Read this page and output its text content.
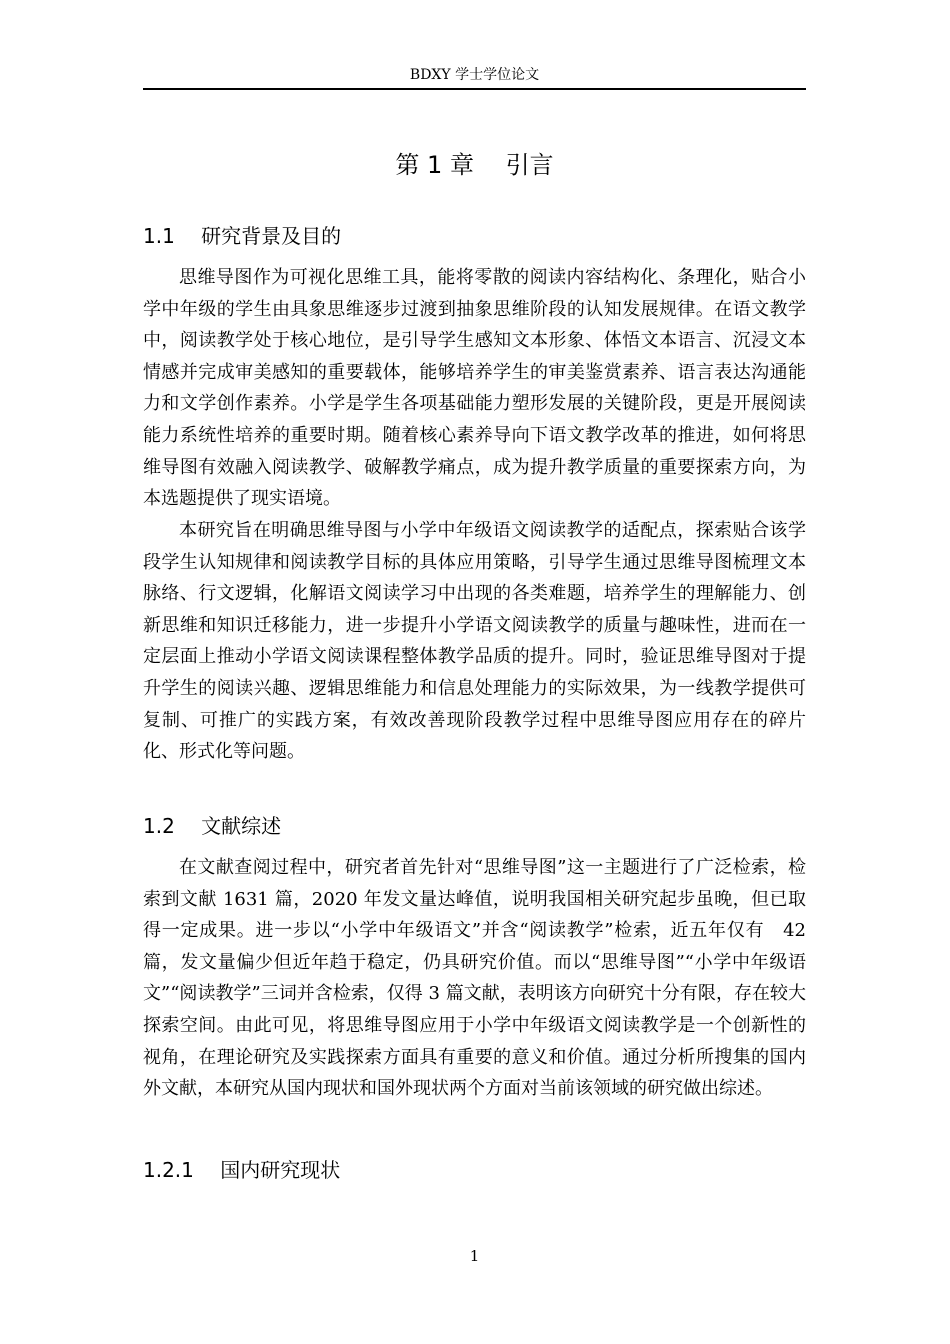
BDXY 学士学位论文
第 1 章　 引言
1.1　 研究背景及目的
思维导图作为可视化思维工具，能将零散的阅读内容结构化、条理化，贴合小学中年级的学生由具象思维逐步过渡到抽象思维阶段的认知发展规律。在语文教学中，阅读教学处于核心地位，是引导学生感知文本形象、体悟文本语言、沉浸文本情感并完成审美感知的重要载体，能够培养学生的审美鉴赏素养、语言表达沟通能力和文学创作素养。小学是学生各项基础能力塑形发展的关键阶段，更是开展阅读能力系统性培养的重要时期。随着核心素养导向下语文教学改革的推进，如何将思维导图有效融入阅读教学、破解教学痛点，成为提升教学质量的重要探索方向，为本选题提供了现实语境。
本研究旨在明确思维导图与小学中年级语文阅读教学的适配点，探索贴合该学段学生认知规律和阅读教学目标的具体应用策略，引导学生通过思维导图梳理文本脉络、行文逻辑，化解语文阅读学习中出现的各类难题，培养学生的理解能力、创新思维和知识迁移能力，进一步提升小学语文阅读教学的质量与趣味性，进而在一定层面上推动小学语文阅读课程整体教学品质的提升。同时，验证思维导图对于提升学生的阅读兴趣、逻辑思维能力和信息处理能力的实际效果，为一线教学提供可复制、可推广的实践方案，有效改善现阶段教学过程中思维导图应用存在的碎片化、形式化等问题。
1.2　 文献综述
在文献查阅过程中，研究者首先针对“思维导图”这一主题进行了广泛检索，检索到文献 1631 篇，2020 年发文量达峰值，说明我国相关研究起步虽晚，但已取得一定成果。进一步以“小学中年级语文”并含“阅读教学”检索，近五年仅有　42 篇，发文量偏少但近年趋于稳定，仍具研究价值。而以“思维导图”“小学中年级语文”“阅读教学”三词并含检索，仅得 3 篇文献，表明该方向研究十分有限，存在较大探索空间。由此可见，将思维导图应用于小学中年级语文阅读教学是一个创新性的视角，在理论研究及实践探索方面具有重要的意义和价值。通过分析所搜集的国内外文献，本研究从国内现状和国外现状两个方面对当前该领域的研究做出综述。
1.2.1　 国内研究现状
1
